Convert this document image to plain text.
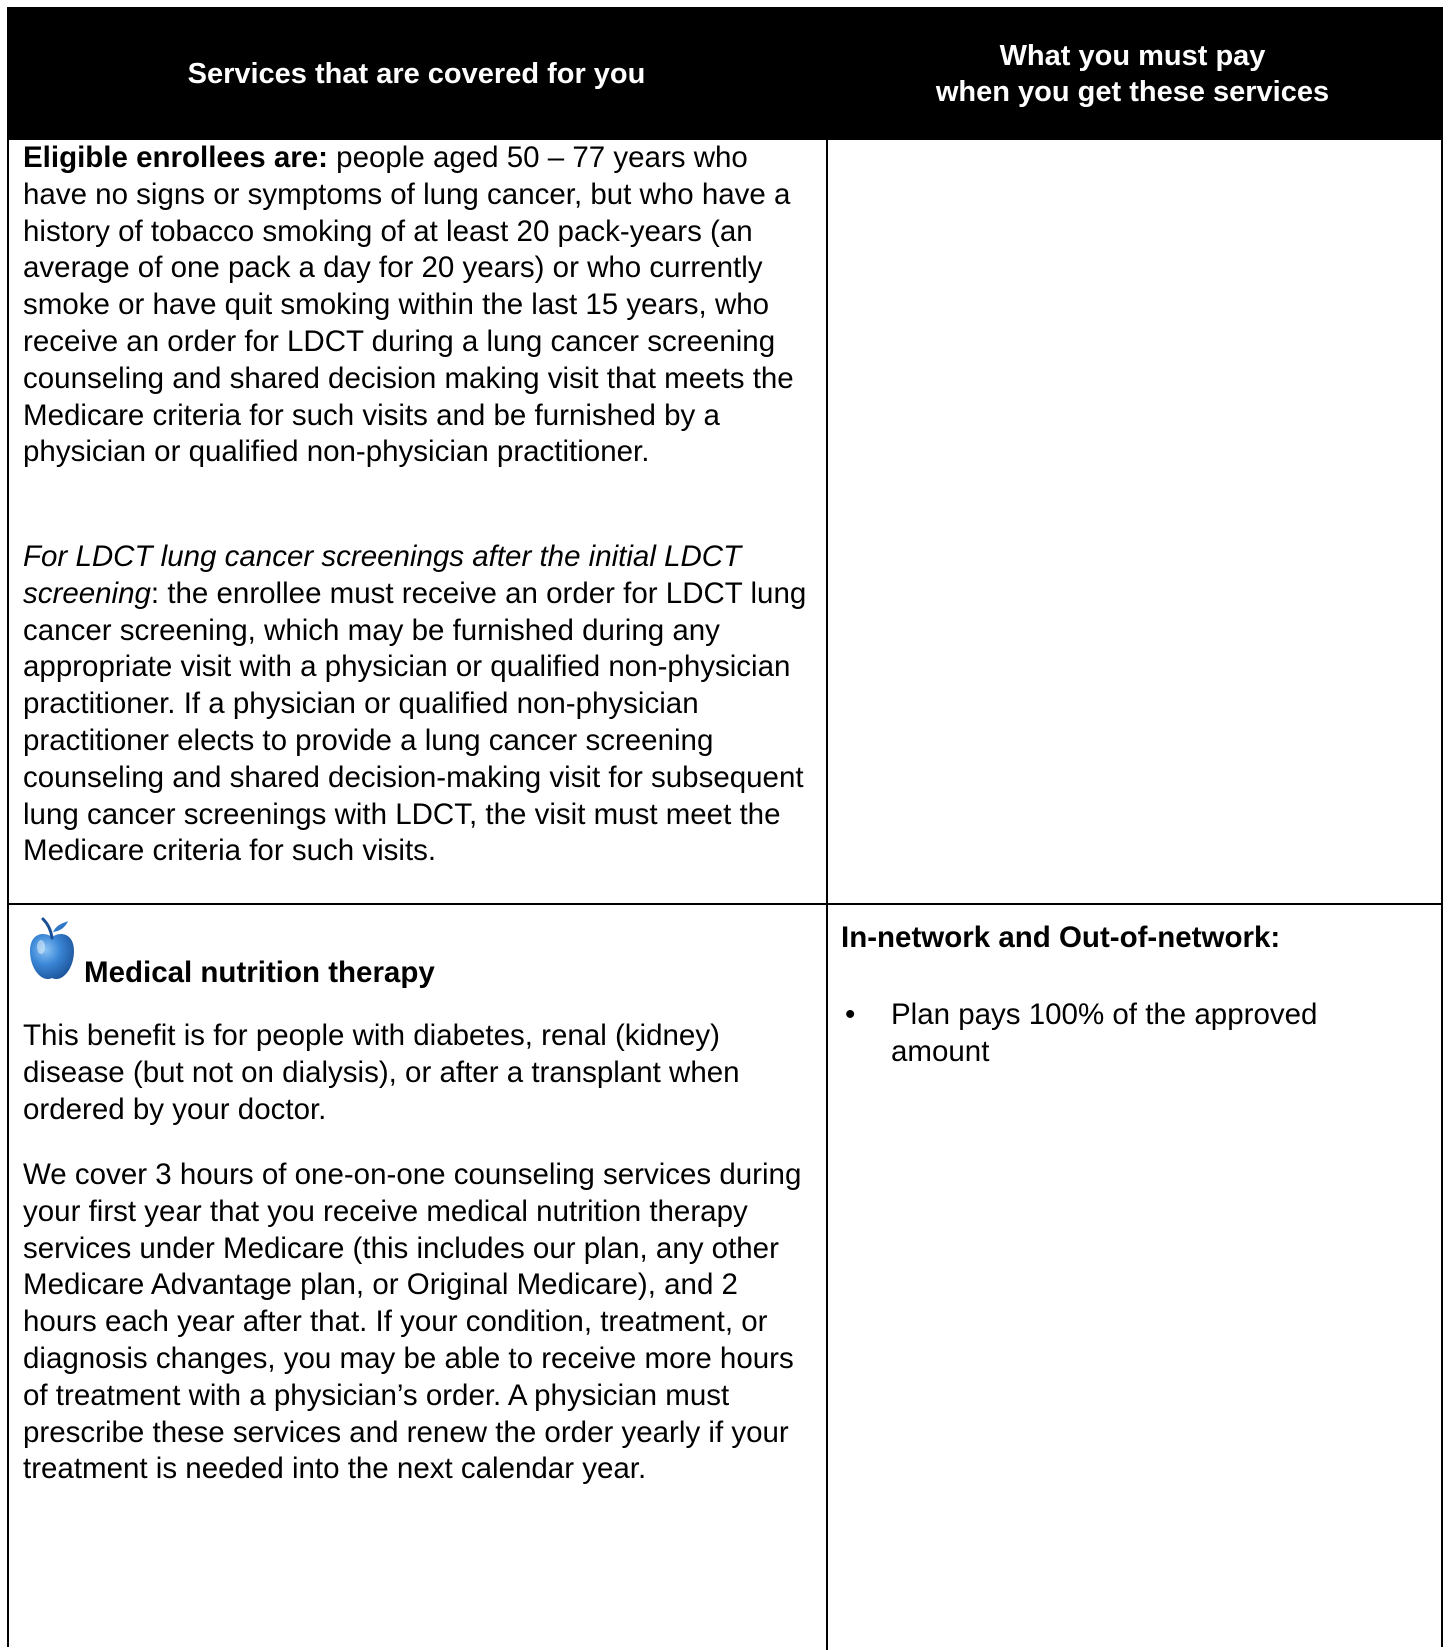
Services that are covered for you
What you must pay
when you get these services

Eligible enrollees are: people aged 50 – 77 years who have no signs or symptoms of lung cancer, but who have a history of tobacco smoking of at least 20 pack-years (an average of one pack a day for 20 years) or who currently smoke or have quit smoking within the last 15 years, who receive an order for LDCT during a lung cancer screening counseling and shared decision making visit that meets the Medicare criteria for such visits and be furnished by a physician or qualified non-physician practitioner.

For LDCT lung cancer screenings after the initial LDCT screening: the enrollee must receive an order for LDCT lung cancer screening, which may be furnished during any appropriate visit with a physician or qualified non-physician practitioner. If a physician or qualified non-physician practitioner elects to provide a lung cancer screening counseling and shared decision-making visit for subsequent lung cancer screenings with LDCT, the visit must meet the Medicare criteria for such visits.

Medical nutrition therapy

This benefit is for people with diabetes, renal (kidney) disease (but not on dialysis), or after a transplant when ordered by your doctor.

We cover 3 hours of one-on-one counseling services during your first year that you receive medical nutrition therapy services under Medicare (this includes our plan, any other Medicare Advantage plan, or Original Medicare), and 2 hours each year after that. If your condition, treatment, or diagnosis changes, you may be able to receive more hours of treatment with a physician’s order. A physician must prescribe these services and renew the order yearly if your treatment is needed into the next calendar year.

In-network and Out-of-network:
• Plan pays 100% of the approved amount
